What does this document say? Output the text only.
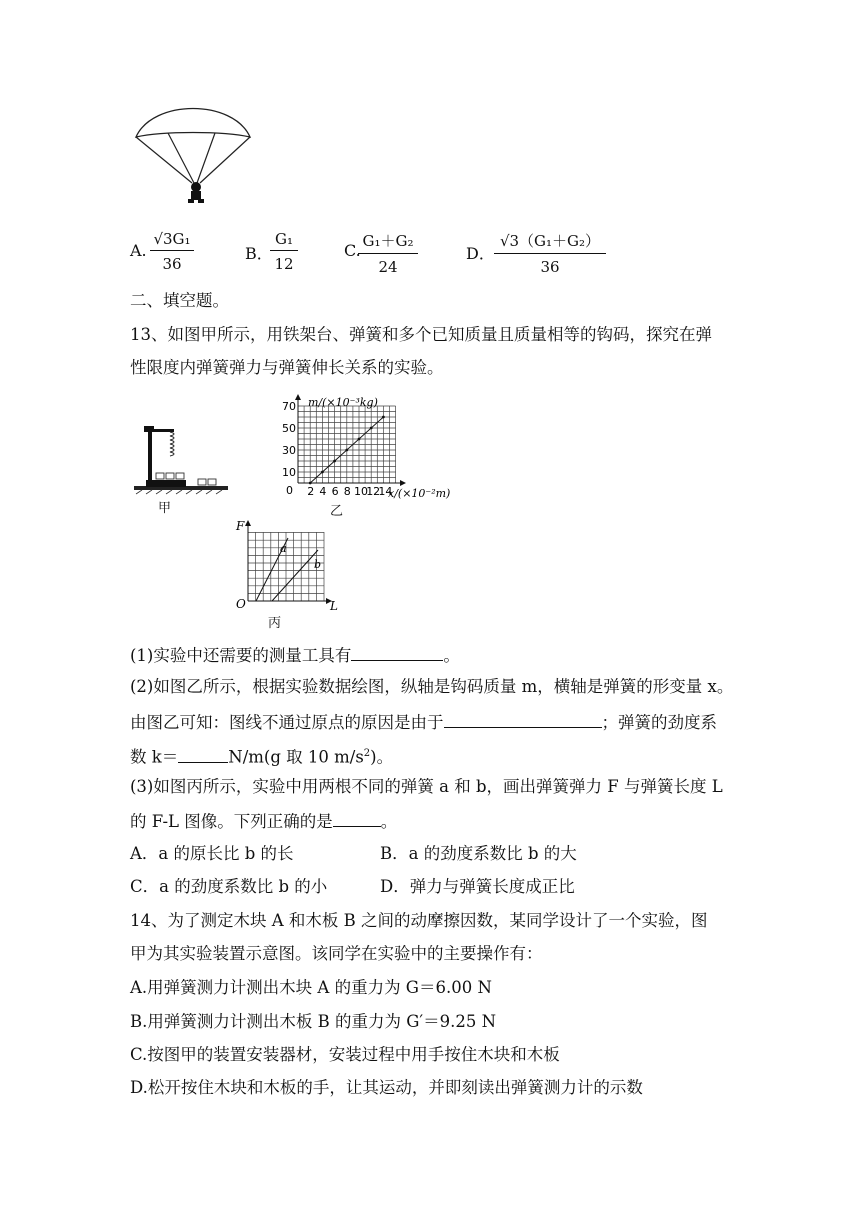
A. $\frac{\text{√3G₁}}{36}$	B．
$\frac{\text{G₁}}{12}$	C.
$\frac{\text{G₁＋G₂}}{24}$	D． $\frac{\text{√3（G₁＋G₂）}}{36}$
二、填空题。
13、如图甲所示，用铁架台、弹簧和多个已知质量且质量相等的钩码，探究在弹
性限度内弹簧弹力与弹簧伸长关系的实验。
甲
2 4 6 8 10
12
14
10
30
50
70 m/(×10⁻³kg)
x/(×10⁻²m)
0
乙
a
b
F
L
O
丙
(1)实验中还需要的测量工具有	。
(2)如图乙所示，根据实验数据绘图，纵轴是钩码质量 m，横轴是弹簧的形变量 x。
由图乙可知：图线不通过原点的原因是由于	；弹簧的劲度系
数 k＝	N/m(g 取 10 $m/s^2$)。
(3)如图丙所示，实验中用两根不同的弹簧 a 和 b，画出弹簧弹力 F 与弹簧长度 L
的 F-L 图像。下列正确的是	。
A．a 的原长比 b 的长	B．a 的劲度系数比 b 的大
C．a 的劲度系数比 b 的小	D．弹力与弹簧长度成正比
14、为了测定木块 A 和木板 B 之间的动摩擦因数，某同学设计了一个实验，图
甲为其实验装置示意图。该同学在实验中的主要操作有：
A.用弹簧测力计测出木块 A 的重力为 G＝6.00 N
B.用弹簧测力计测出木板 B 的重力为 G′＝9.25 N
C.按图甲的装置安装器材，安装过程中用手按住木块和木板
D.松开按住木块和木板的手，让其运动，并即刻读出弹簧测力计的示数
